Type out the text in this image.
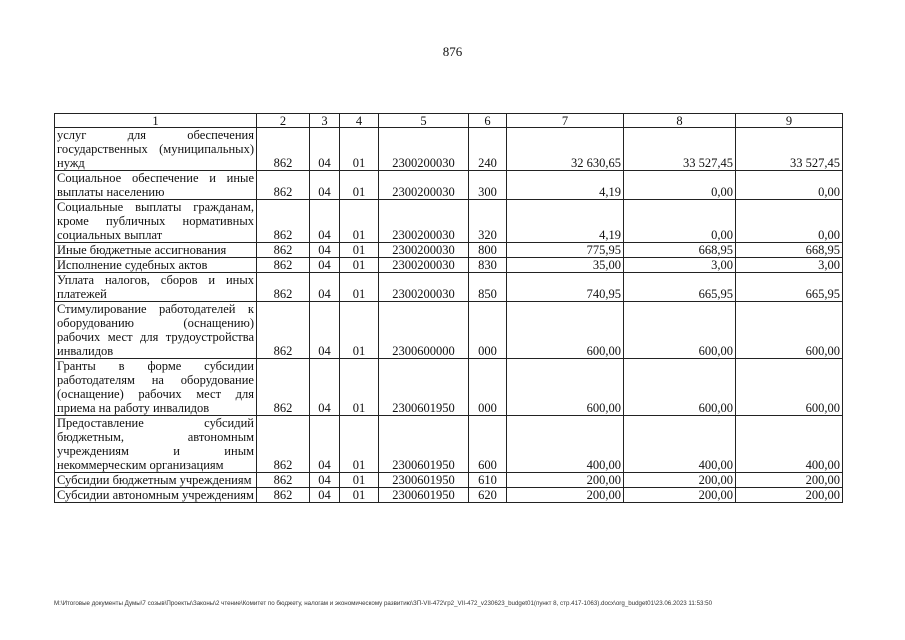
876
1	2	3	4	5	6	7	8	9
услуг для обеспечения государственных (муниципальных) нужд	862	04	01	2300200030	240	32 630,65	33 527,45	33 527,45
Социальное обеспечение и иные выплаты населению	862	04	01	2300200030	300	4,19	0,00	0,00
Социальные выплаты гражданам, кроме публичных нормативных социальных выплат	862	04	01	2300200030	320	4,19	0,00	0,00
Иные бюджетные ассигнования	862	04	01	2300200030	800	775,95	668,95	668,95
Исполнение судебных актов	862	04	01	2300200030	830	35,00	3,00	3,00
Уплата налогов, сборов и иных платежей	862	04	01	2300200030	850	740,95	665,95	665,95
Стимулирование работодателей к оборудованию (оснащению) рабочих мест для трудоустройства инвалидов	862	04	01	2300600000	000	600,00	600,00	600,00
Гранты в форме субсидии работодателям на оборудование (оснащение) рабочих мест для приема на работу инвалидов	862	04	01	2300601950	000	600,00	600,00	600,00
Предоставление субсидий бюджетным, автономным учреждениям и иным некоммерческим организациям	862	04	01	2300601950	600	400,00	400,00	400,00
Субсидии бюджетным учреждениям	862	04	01	2300601950	610	200,00	200,00	200,00
Субсидии автономным учреждениям	862	04	01	2300601950	620	200,00	200,00	200,00
М:\Итоговые документы Думы\7 созыв\Проекты\Законы\2 чтение\Комитет по бюджету, налогам и экономическому развитию\ЗП-VII-472\гр2_VII-472_v230623_budget01(пункт 8, стр.417-1063).docx\org_budget01\23.06.2023 11:53:50
